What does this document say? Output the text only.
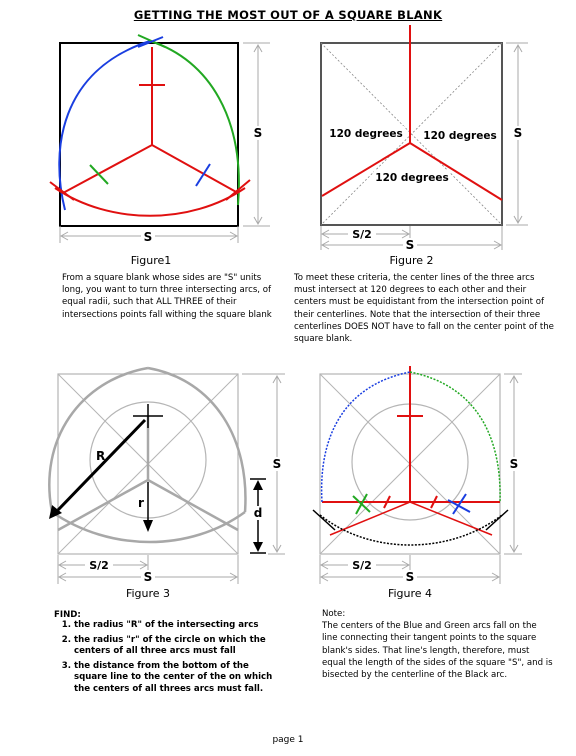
GETTING THE MOST OUT OF A SQUARE BLANK
S
S
Figure1
From a square blank whose sides are "S" units long, you want to turn three intersecting arcs, of equal radii, such that ALL THREE of their intersections points fall withing the square blank
120 degrees 120 degrees
120 degrees
S
S/2
S
Figure 2
To meet these criteria, the center lines of the three arcs must intersect at 120 degrees to each other and their centers must be equidistant from the intersection point of their centerlines. Note that the intersection of their three centerlines DOES NOT have to fall on the center point of the square blank.
R
r
d
S
S/2
S
Figure 3
S
S/2
S
Figure 4
FIND:
1. the radius "R" of the intersecting arcs
2. the radius "r" of the circle on which the centers of all three arcs must fall
3. the distance from the bottom of the square line to the center of the on which the centers of all threes arcs must fall.
Note:
The centers of the Blue and Green arcs fall on the line connecting their tangent points to the square blank's sides. That line's length, therefore, must equal the length of the sides of the square "S", and is bisected by the centerline of the Black arc.
page 1
